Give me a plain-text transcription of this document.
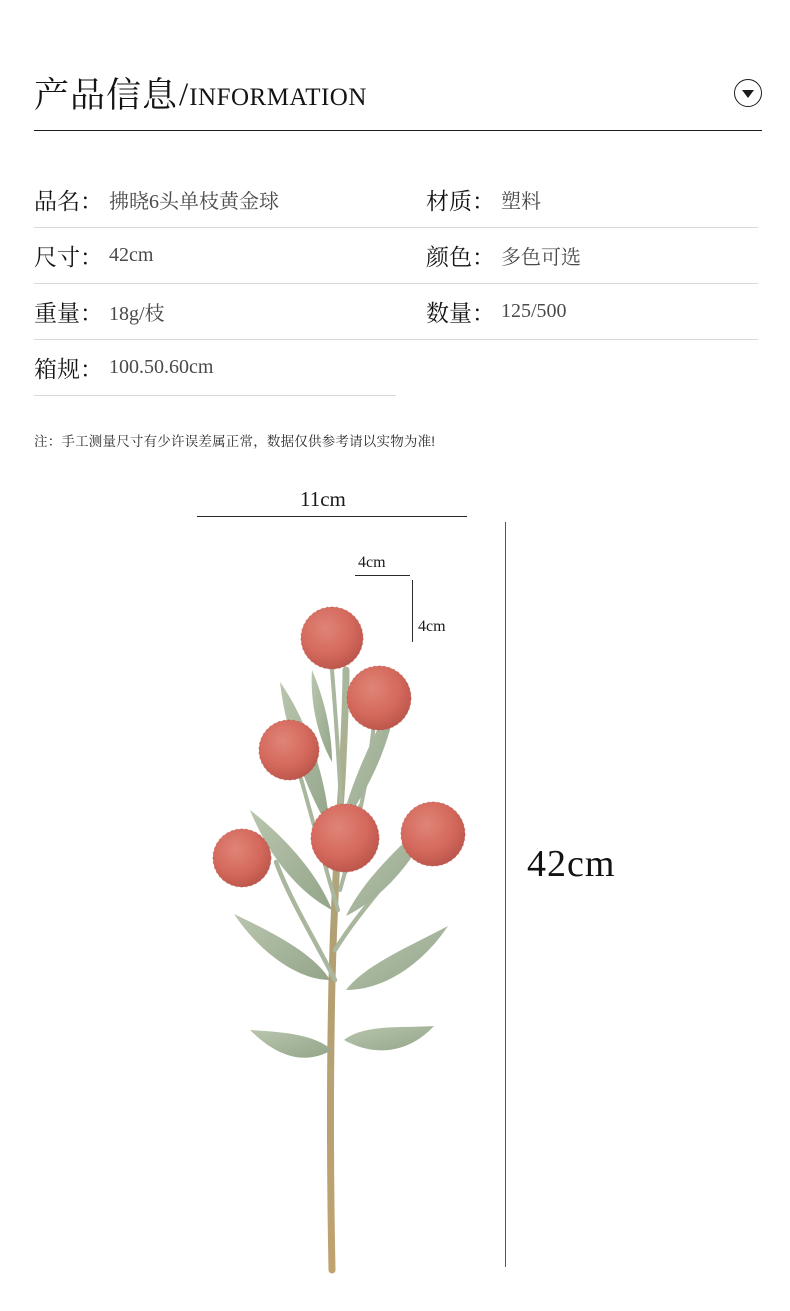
产品信息 / INFORMATION
品名： 拂晓6头单枝黄金球	材质： 塑料
尺寸： 42cm	颜色： 多色可选
重量： 18g/枝	数量： 125/500
箱规： 100.50.60cm
注：手工测量尺寸有少许误差属正常，数据仅供参考请以实物为准!
11cm
4cm
4cm
42cm
